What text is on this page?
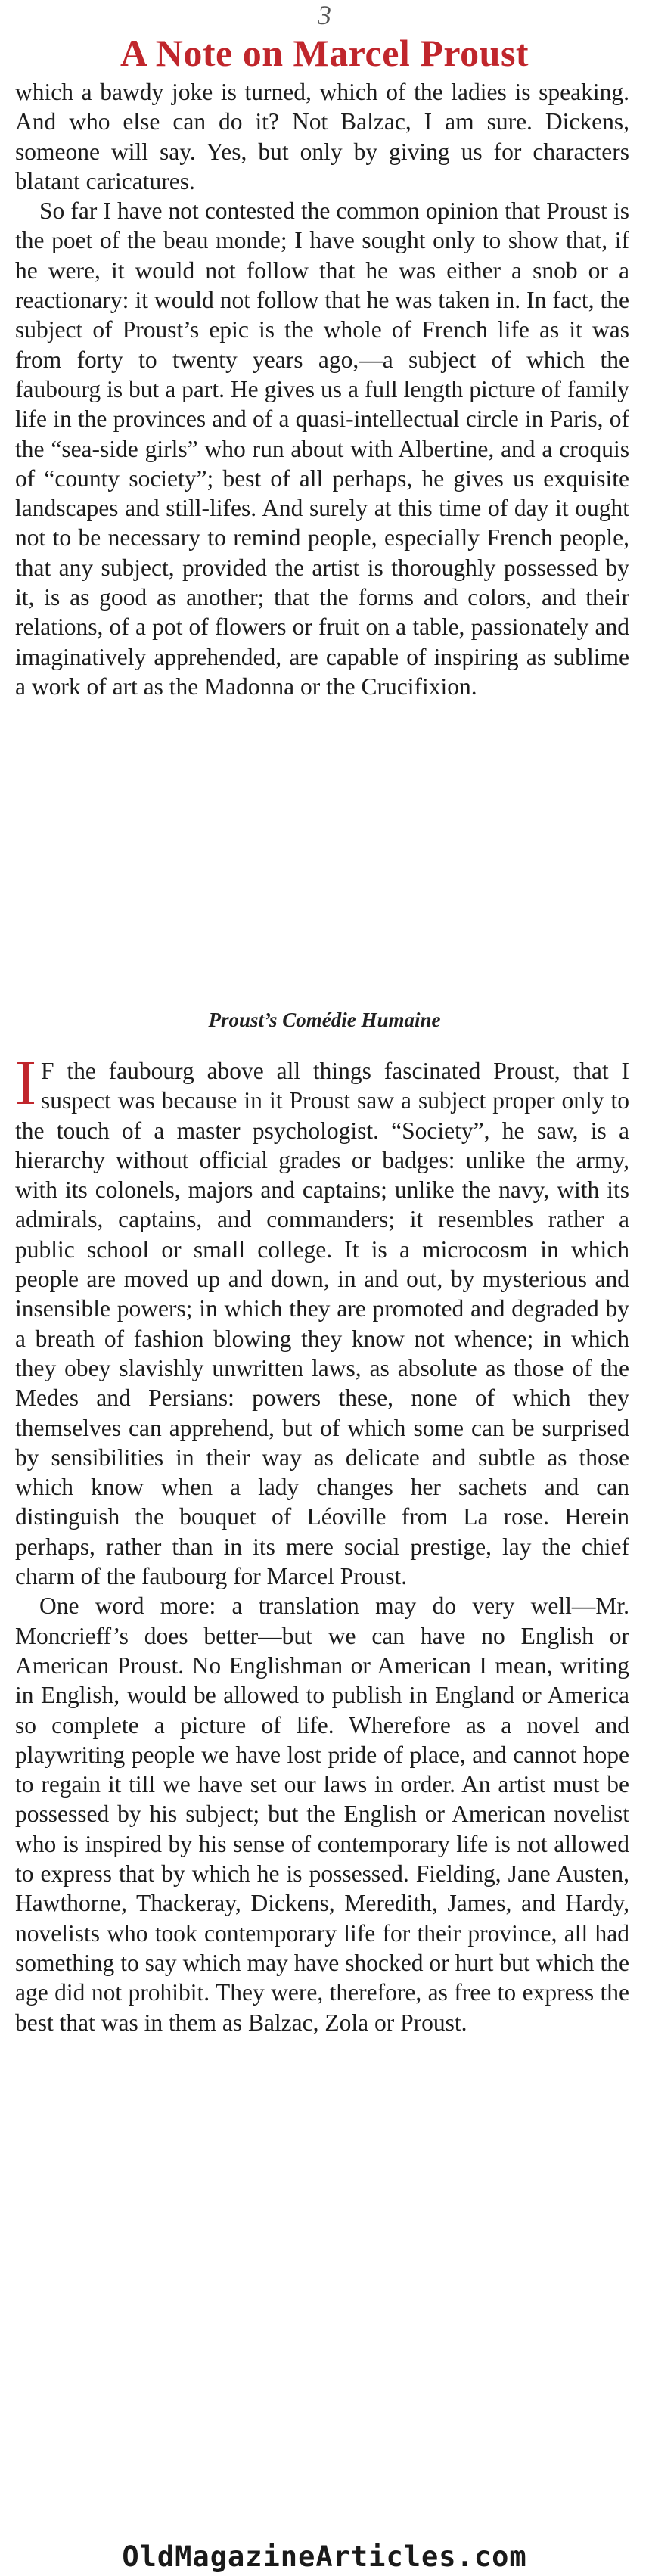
3
A Note on Marcel Proust

which a bawdy joke is turned, which of the ladies is speaking. And who else can do it? Not Balzac, I am sure. Dickens, someone will say. Yes, but only by giving us for characters blatant caricatures.

So far I have not contested the common opinion that Proust is the poet of the beau monde; I have sought only to show that, if he were, it would not follow that he was either a snob or a reactionary: it would not follow that he was taken in. In fact, the subject of Proust’s epic is the whole of French life as it was from forty to twenty years ago,—a subject of which the faubourg is but a part. He gives us a full length picture of family life in the provinces and of a quasi-intellectual circle in Paris, of the “sea-side girls” who run about with Albertine, and a croquis of “county society”; best of all perhaps, he gives us exquisite landscapes and still-lifes. And surely at this time of day it ought not to be necessary to remind people, especially French people, that any subject, provided the artist is thoroughly possessed by it, is as good as another; that the forms and colors, and their relations, of a pot of flowers or fruit on a table, passionately and imaginatively apprehended, are capable of inspiring as sublime a work of art as the Madonna or the Crucifixion.

Proust’s Comédie Humaine

I F the faubourg above all things fascinated Proust, that I suspect was because in it Proust saw a subject proper only to the touch of a master psychologist. “Society”, he saw, is a hierarchy without official grades or badges: unlike the army, with its colonels, majors and captains; unlike the navy, with its admirals, captains, and commanders; it resembles rather a public school or small college. It is a microcosm in which people are moved up and down, in and out, by mysterious and insensible powers; in which they are promoted and degraded by a breath of fashion blowing they know not whence; in which they obey slavishly unwritten laws, as absolute as those of the Medes and Persians: powers these, none of which they themselves can apprehend, but of which some can be surprised by sensibilities in their way as delicate and subtle as those which know when a lady changes her sachets and can distinguish the bouquet of Léoville from La rose. Herein perhaps, rather than in its mere social prestige, lay the chief charm of the faubourg for Marcel Proust.

One word more: a translation may do very well—Mr. Moncrieff’s does better—but we can have no English or American Proust. No Englishman or American I mean, writing in English, would be allowed to publish in England or America so complete a picture of life. Wherefore as a novel and playwriting people we have lost pride of place, and cannot hope to regain it till we have set our laws in order. An artist must be possessed by his subject; but the English or American novelist who is inspired by his sense of contemporary life is not allowed to express that by which he is possessed. Fielding, Jane Austen, Hawthorne, Thackeray, Dickens, Meredith, James, and Hardy, novelists who took contemporary life for their province, all had something to say which may have shocked or hurt but which the age did not prohibit. They were, therefore, as free to express the best that was in them as Balzac, Zola or Proust.

OldMagazineArticles.com
